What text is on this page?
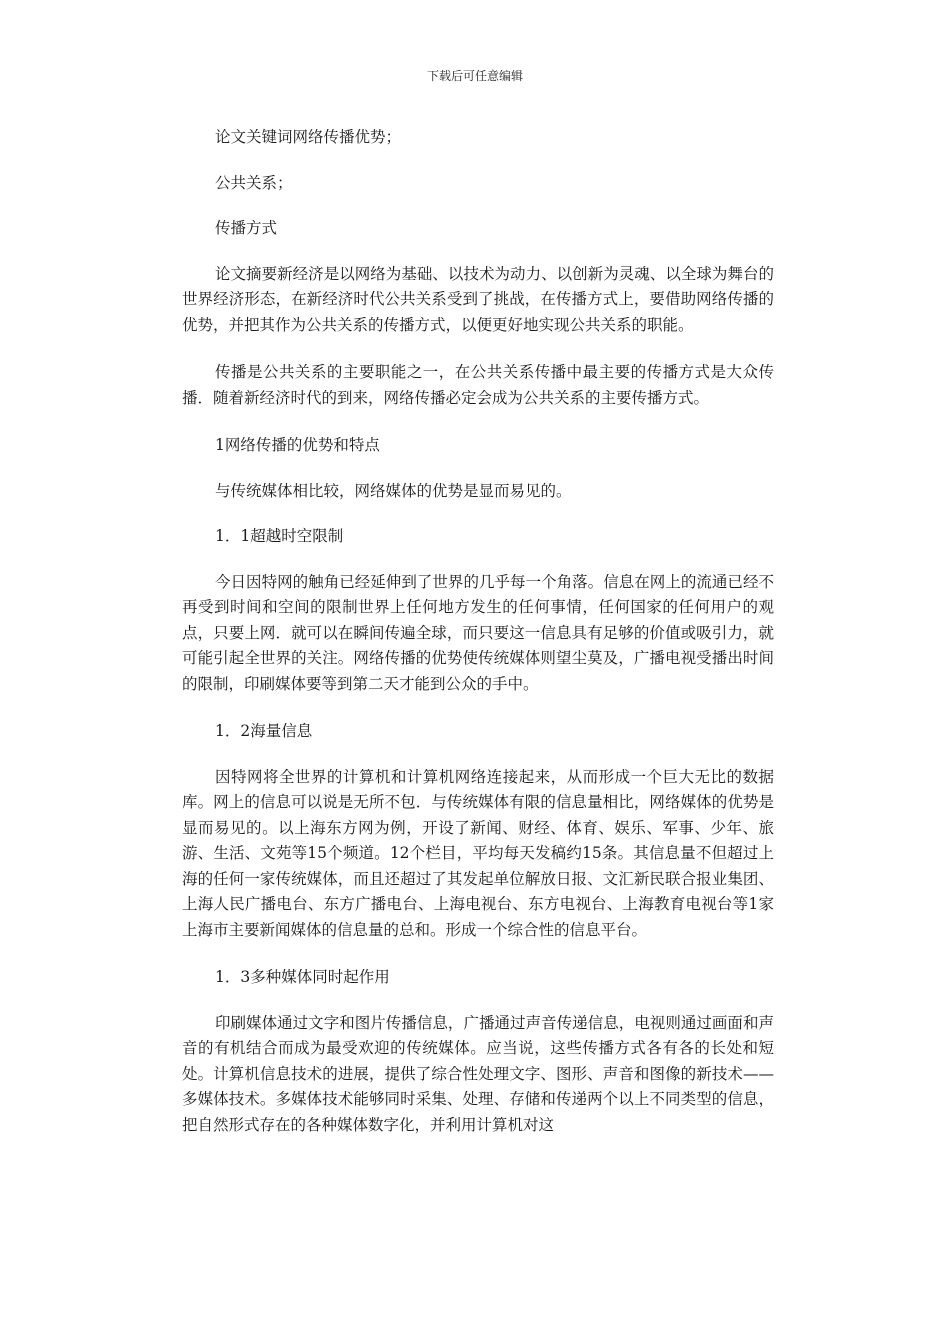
下载后可任意编辑

论文关键词网络传播优势；

公共关系；

传播方式

论文摘要新经济是以网络为基础、以技术为动力、以创新为灵魂、以全球为舞台的世界经济形态，在新经济时代公共关系受到了挑战，在传播方式上，要借助网络传播的优势，并把其作为公共关系的传播方式，以便更好地实现公共关系的职能。

传播是公共关系的主要职能之一，在公共关系传播中最主要的传播方式是大众传播．随着新经济时代的到来，网络传播必定会成为公共关系的主要传播方式。

1网络传播的优势和特点

与传统媒体相比较，网络媒体的优势是显而易见的。

1．1超越时空限制

今日因特网的触角已经延伸到了世界的几乎每一个角落。信息在网上的流通已经不再受到时间和空间的限制世界上任何地方发生的任何事情，任何国家的任何用户的观点，只要上网．就可以在瞬间传遍全球，而只要这一信息具有足够的价值或吸引力，就可能引起全世界的关注。网络传播的优势使传统媒体则望尘莫及，广播电视受播出时间的限制，印刷媒体要等到第二天才能到公众的手中。

1．2海量信息

因特网将全世界的计算机和计算机网络连接起来，从而形成一个巨大无比的数据库。网上的信息可以说是无所不包．与传统媒体有限的信息量相比，网络媒体的优势是显而易见的。以上海东方网为例，开设了新闻、财经、体育、娱乐、军事、少年、旅游、生活、文苑等15个频道。12个栏目，平均每天发稿约15条。其信息量不但超过上海的任何一家传统媒体，而且还超过了其发起单位解放日报、文汇新民联合报业集团、上海人民广播电台、东方广播电台、上海电视台、东方电视台、上海教育电视台等1家上海市主要新闻媒体的信息量的总和。形成一个综合性的信息平台。

1．3多种媒体同时起作用

印刷媒体通过文字和图片传播信息，广播通过声音传递信息，电视则通过画面和声音的有机结合而成为最受欢迎的传统媒体。应当说，这些传播方式各有各的长处和短处。计算机信息技术的进展，提供了综合性处理文字、图形、声音和图像的新技术——多媒体技术。多媒体技术能够同时采集、处理、存储和传递两个以上不同类型的信息，把自然形式存在的各种媒体数字化，并利用计算机对这
